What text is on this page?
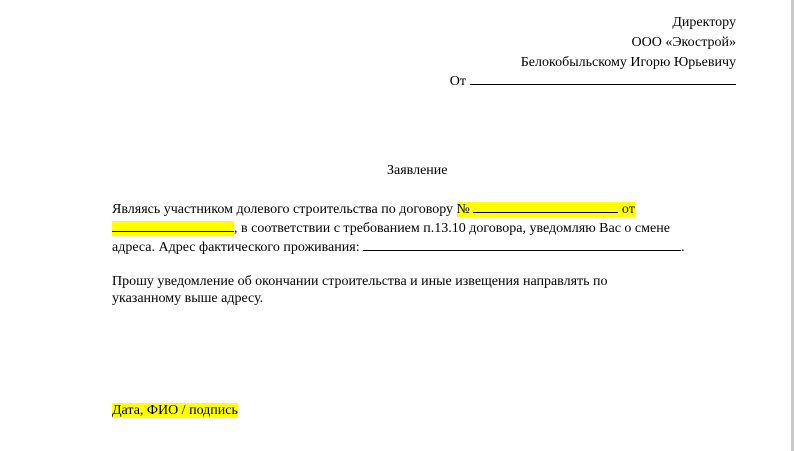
Директору
ООО «Экострой»
Белокобыльскому Игорю Юрьевичу
От
Заявление
Являясь участником долевого строительства по договору №	от
, в соответствии с требованием п.13.10 договора, уведомляю Вас о смене
адреса. Адрес фактического проживания:	.
Прошу уведомление об окончании строительства и иные извещения направлять по
указанному выше адресу.
Дата, ФИО / подпись
